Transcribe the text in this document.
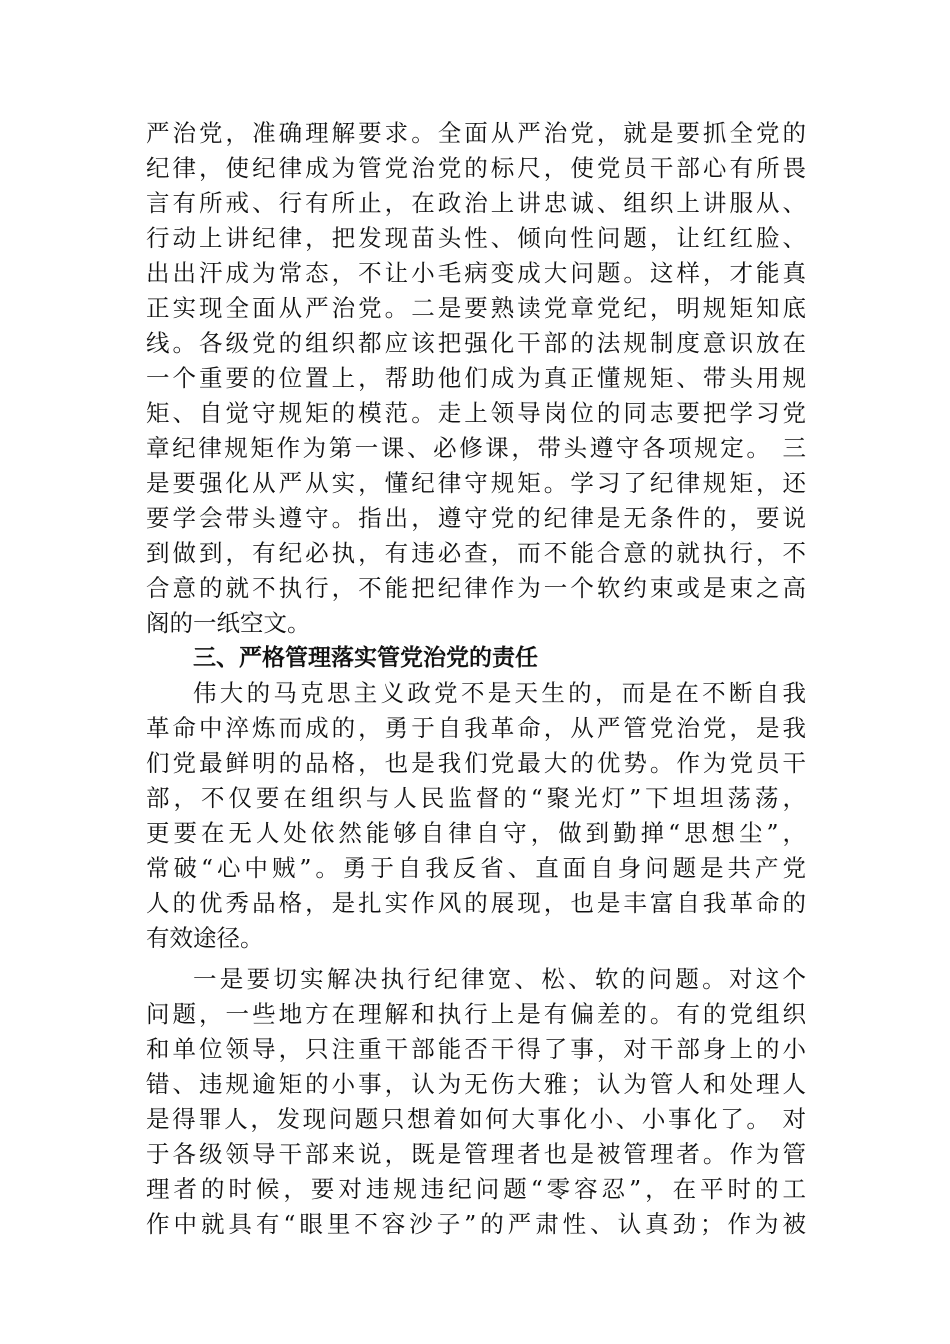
严治党，准确理解要求。全面从严治党，就是要抓全党的
纪律，使纪律成为管党治党的标尺，使党员干部心有所畏
言有所戒、行有所止，在政治上讲忠诚、组织上讲服从、
行动上讲纪律，把发现苗头性、倾向性问题，让红红脸、
出出汗成为常态，不让小毛病变成大问题。这样，才能真
正实现全面从严治党。二是要熟读党章党纪，明规矩知底
线。各级党的组织都应该把强化干部的法规制度意识放在
一个重要的位置上，帮助他们成为真正懂规矩、带头用规
矩、自觉守规矩的模范。走上领导岗位的同志要把学习党
章纪律规矩作为第一课、必修课，带头遵守各项规定。 三
是要强化从严从实，懂纪律守规矩。学习了纪律规矩，还
要学会带头遵守。指出，遵守党的纪律是无条件的，要说
到做到，有纪必执，有违必查，而不能合意的就执行，不
合意的就不执行，不能把纪律作为一个软约束或是束之高
阁的一纸空文。
三、严格管理落实管党治党的责任
伟大的马克思主义政党不是天生的，而是在不断自我
革命中淬炼而成的，勇于自我革命，从严管党治党，是我
们党最鲜明的品格，也是我们党最大的优势。作为党员干
部，不仅要在组织与人民监督的“聚光灯”下坦坦荡荡，
更要在无人处依然能够自律自守，做到勤掸“思想尘”，
常破“心中贼”。勇于自我反省、直面自身问题是共产党
人的优秀品格，是扎实作风的展现，也是丰富自我革命的
有效途径。
一是要切实解决执行纪律宽、松、软的问题。对这个
问题，一些地方在理解和执行上是有偏差的。有的党组织
和单位领导，只注重干部能否干得了事，对干部身上的小
错、违规逾矩的小事，认为无伤大雅；认为管人和处理人
是得罪人，发现问题只想着如何大事化小、小事化了。 对
于各级领导干部来说，既是管理者也是被管理者。作为管
理者的时候，要对违规违纪问题“零容忍”，在平时的工
作中就具有“眼里不容沙子”的严肃性、认真劲；作为被
